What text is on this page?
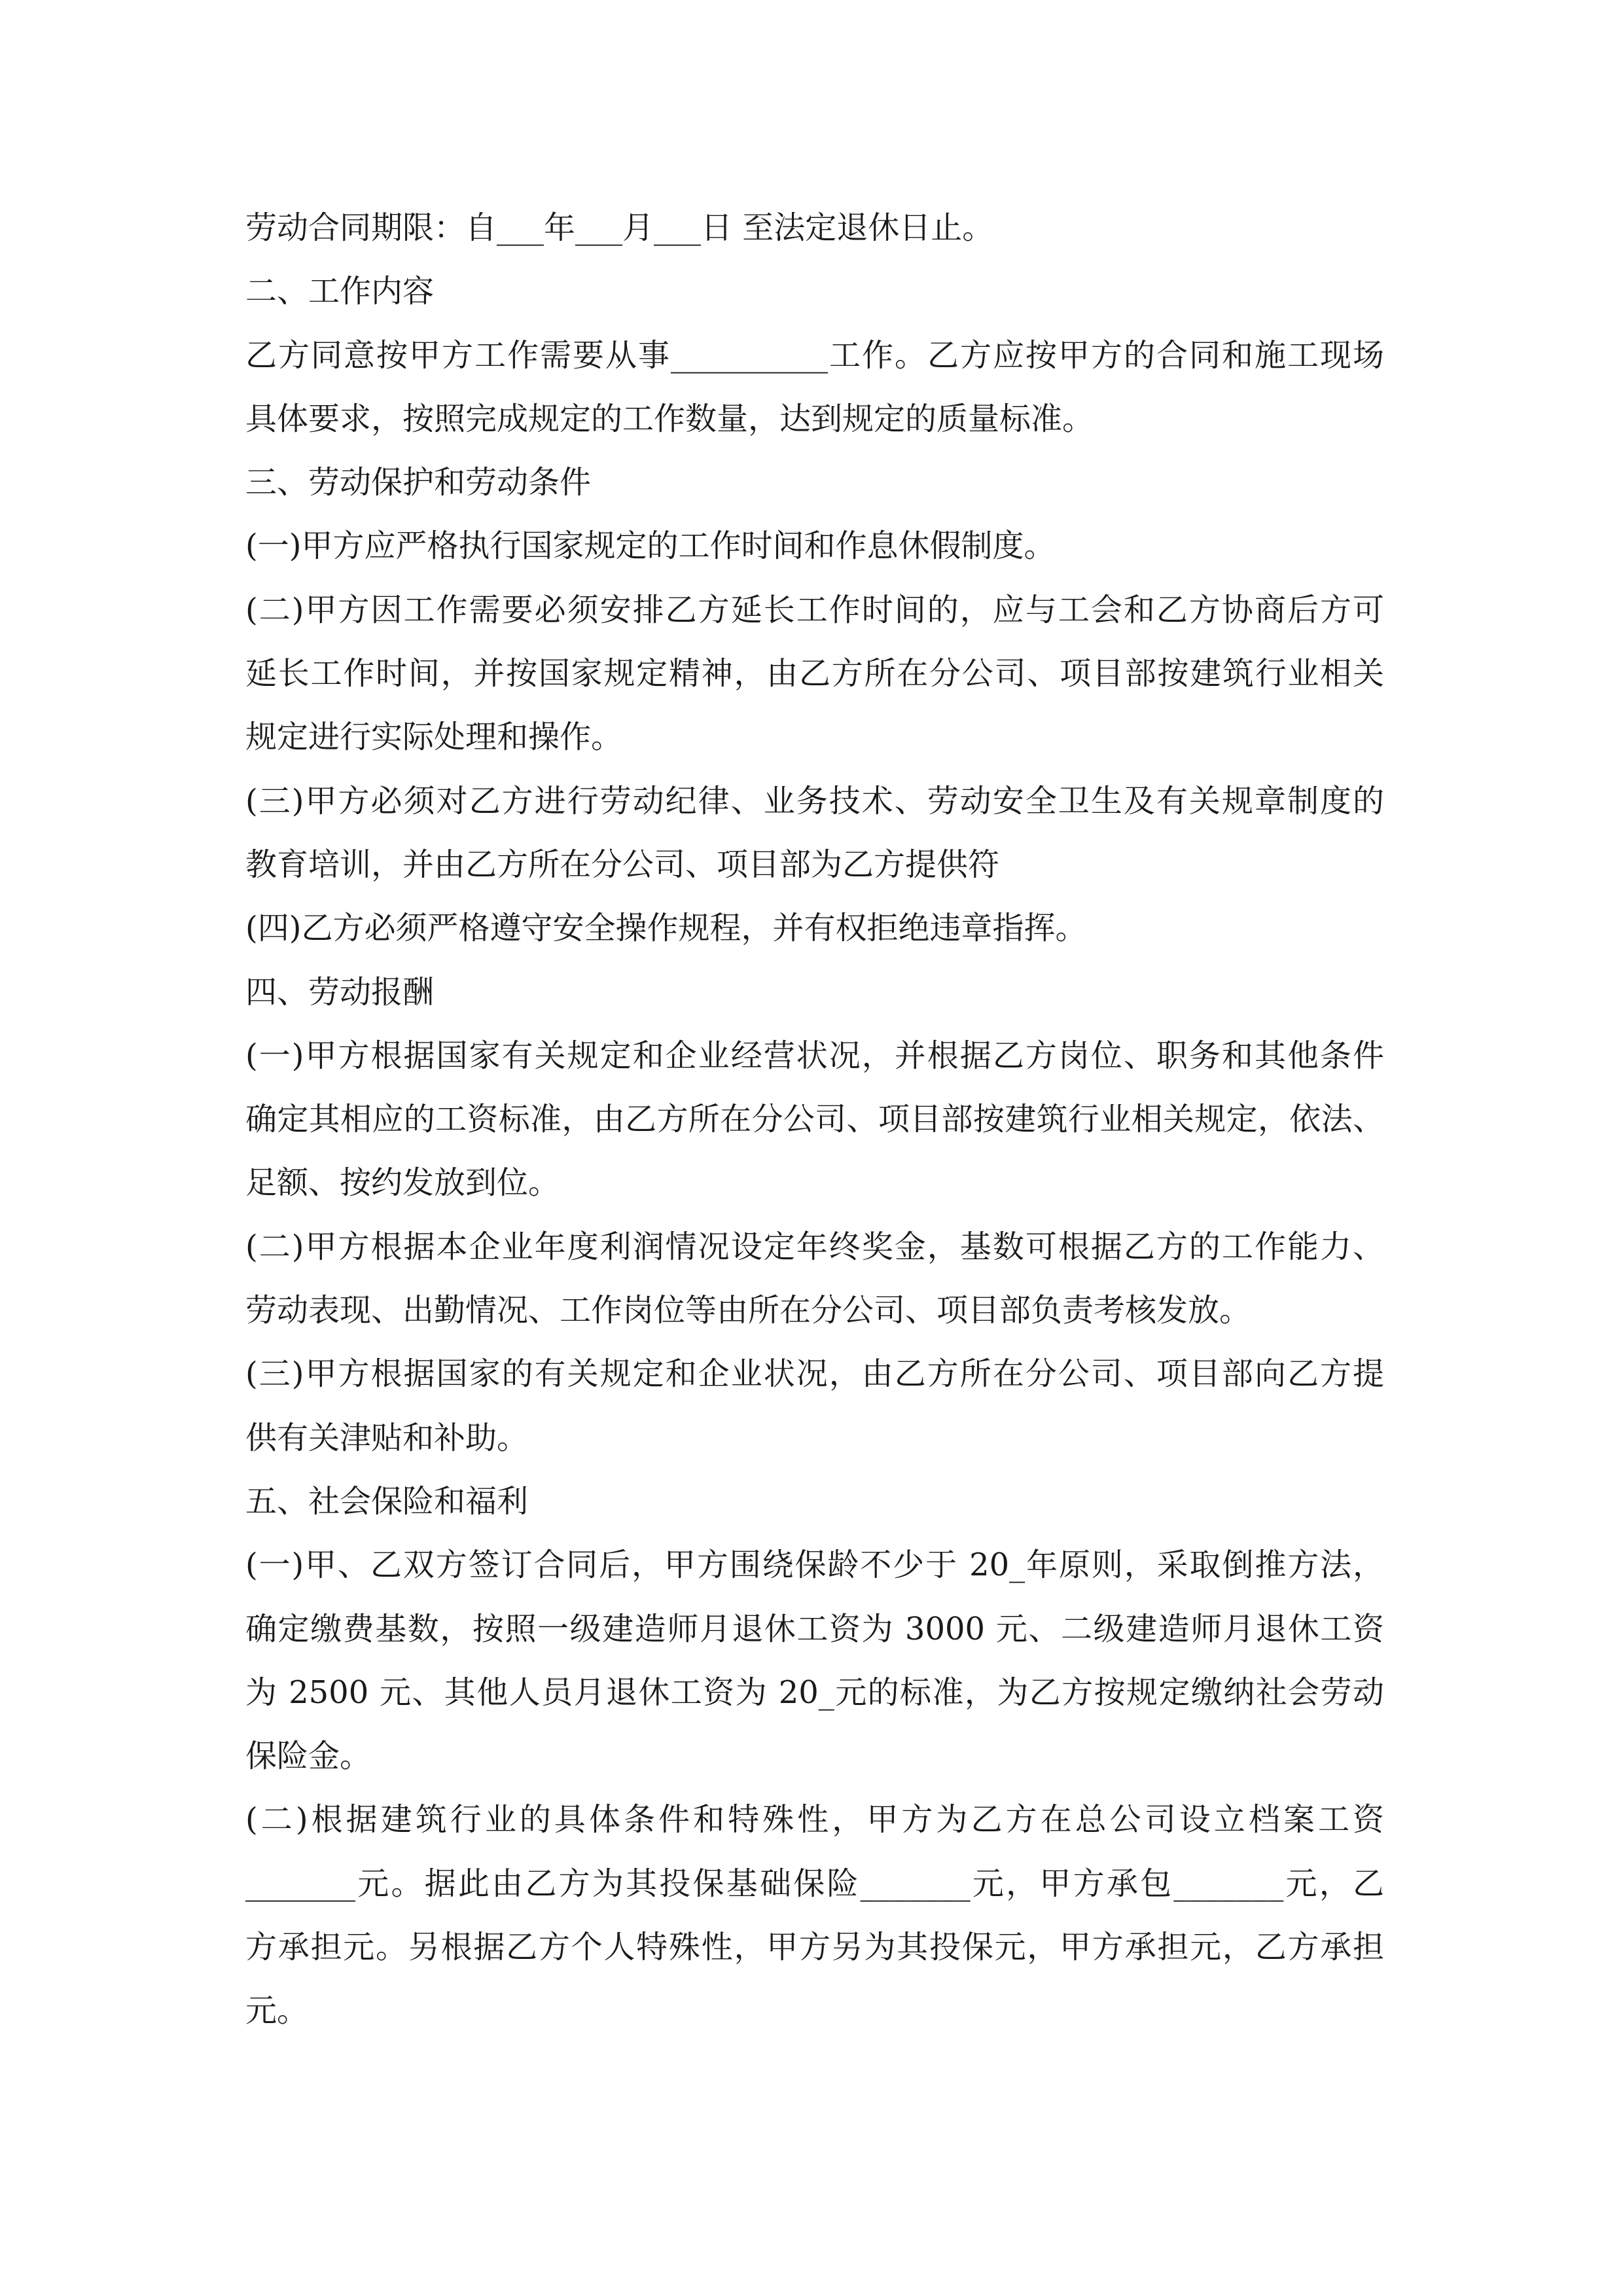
劳动合同期限：自___年___月___日 至法定退休日止。
二、工作内容
乙方同意按甲方工作需要从事__________工作。乙方应按甲方的合同和施工现场
具体要求，按照完成规定的工作数量，达到规定的质量标准。
三、劳动保护和劳动条件
(一)甲方应严格执行国家规定的工作时间和作息休假制度。
(二)甲方因工作需要必须安排乙方延长工作时间的，应与工会和乙方协商后方可
延长工作时间，并按国家规定精神，由乙方所在分公司、项目部按建筑行业相关
规定进行实际处理和操作。
(三)甲方必须对乙方进行劳动纪律、业务技术、劳动安全卫生及有关规章制度的
教育培训，并由乙方所在分公司、项目部为乙方提供符
(四)乙方必须严格遵守安全操作规程，并有权拒绝违章指挥。
四、劳动报酬
(一)甲方根据国家有关规定和企业经营状况，并根据乙方岗位、职务和其他条件
确定其相应的工资标准，由乙方所在分公司、项目部按建筑行业相关规定，依法、
足额、按约发放到位。
(二)甲方根据本企业年度利润情况设定年终奖金，基数可根据乙方的工作能力、
劳动表现、出勤情况、工作岗位等由所在分公司、项目部负责考核发放。
(三)甲方根据国家的有关规定和企业状况，由乙方所在分公司、项目部向乙方提
供有关津贴和补助。
五、社会保险和福利
(一)甲、乙双方签订合同后，甲方围绕保龄不少于 20_年原则，采取倒推方法，
确定缴费基数，按照一级建造师月退休工资为 3000 元、二级建造师月退休工资
为 2500 元、其他人员月退休工资为 20_元的标准，为乙方按规定缴纳社会劳动
保险金。
(二)根据建筑行业的具体条件和特殊性，甲方为乙方在总公司设立档案工资
_______元。据此由乙方为其投保基础保险_______元，甲方承包_______元，乙
方承担元。另根据乙方个人特殊性，甲方另为其投保元，甲方承担元，乙方承担
元。
